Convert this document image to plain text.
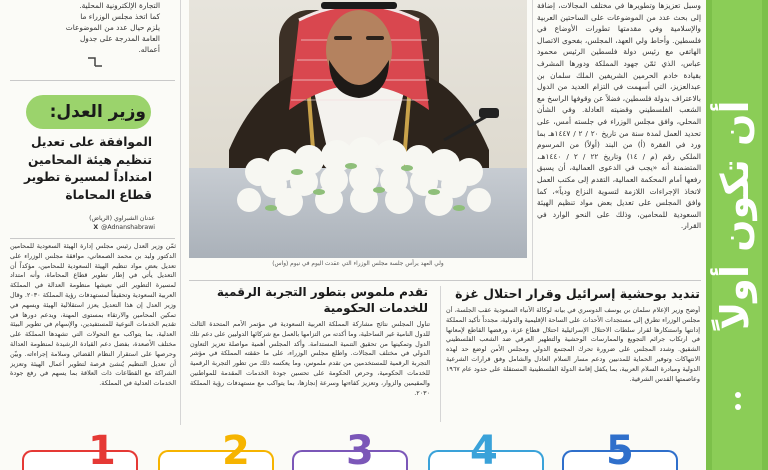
أن تكون أولاً

التجارة الإلكترونية المحلية.

كما اتخذ مجلس الوزراء ما

يلزم حيال عدد من الموضوعات

العامة المدرجة على جدول

أعماله.

وزير العدل:
الموافقة على تعديل تنظيم هيئة المحامين امتداداً لمسيرة تطوير قطاع المحاماة
عدنان الشبراوي (الرياض)
X @Adnanshabrawi
ثمّن وزير العدل رئيس مجلس إدارة الهيئة السعودية للمحامين الدكتور وليد بن محمد الصمعاني، موافقة مجلس الوزراء على تعديل بعض مواد تنظيم الهيئة السعودية للمحامين، مؤكداً أن التعديل يأتي في إطار تطوير قطاع المحاماة، وأنه امتداد لمسيرة التطوير التي تعيشها منظومة العدالة في المملكة العربية السعودية وتحقيقاً لمستهدفات رؤية المملكة ٢٠٣٠. وقال وزير العدل إن هذا التعديل يعزز استقلالية الهيئة ويسهم في تمكين المحامين والارتقاء بمستوى المهنة، ويدعم دورها في تقديم الخدمات النوعية للمستفيدين، والإسهام في تطوير البيئة العدلية، بما يتواكب مع التحولات التي تشهدها المملكة على مختلف الأصعدة، بفضل دعم القيادة الرشيدة لمنظومة العدالة وحرصها على استقرار النظام القضائي وسلامة إجراءاته. وبيّن أن تعديل التنظيم يُنشئ فرصة لتطوير أعمال الهيئة وتعزيز الشراكة مع القطاعات ذات العلاقة بما يسهم في رفع جودة الخدمات العدلية في المملكة.
ولي العهد يرأس جلسة مجلس الوزراء التي عقدت اليوم في نيوم (واس)
وسبل تعزيزها وتطويرها في مختلف المجالات، إضافة إلى بحث عدد من الموضوعات على الساحتين العربية والإسلامية وفي مقدمتها تطورات الأوضاع في فلسطين. وأحاط ولي العهد، المجلس، بفحوى الاتصال الهاتفي مع رئيس دولة فلسطين الرئيس محمود عباس، الذي ثمّن جهود المملكة ودورها المشرف بقيادة خادم الحرمين الشريفين الملك سلمان بن عبدالعزيز، التي أسهمت في التزام العديد من الدول بالاعتراف بدولة فلسطين، فضلاً عن وقوفها الراسخ مع الشعب الفلسطيني وقضيته العادلة. وفي الشأن المحلي، وافق مجلس الوزراء في جلسته أمس، على تحديد العمل لمدة سنة من تاريخ ٢٠ / ٢ / ١٤٤٧هـ بما ورد في الفقرة (أ) من البند (أولاً) من المرسوم الملكي رقم (م / ١٤) وتاريخ ٢٢ / ٢ / ١٤٤٠هـ، المتضمنة أنه «يجب في الدعوى العمالية، أن يسبق رفعها أمام المحكمة العمالية، التقدم إلى مكتب العمل لاتخاذ الإجراءات اللازمة لتسوية النزاع ودياً»، كما وافق المجلس على تعديل بعض مواد تنظيم الهيئة السعودية للمحامين، وذلك على النحو الوارد في القرار.
تنديد بوحشية إسرائيل وقرار احتلال غزة
أوضح وزير الإعلام سلمان بن يوسف الدوسري في بيانه لوكالة الأنباء السعودية عقب الجلسة، أن مجلس الوزراء تطرق إلى مستجدات الأحداث على الساحة الإقليمية والدولية، مجدداً تأكيد المملكة إدانتها واستنكارها لقرار سلطات الاحتلال الإسرائيلية احتلال قطاع غزة، ورفضها القاطع لإمعانها في ارتكاب جرائم التجويع والممارسات الوحشية والتطهير العرقي ضد الشعب الفلسطيني الشقيق. وشدد المجلس على ضرورة تحرك المجتمع الدولي ومجلس الأمن لوضع حد لهذه الانتهاكات وتوفير الحماية للمدنيين ودعم مسار السلام العادل والشامل وفق قرارات الشرعية الدولية ومبادرة السلام العربية، بما يكفل إقامة الدولة الفلسطينية المستقلة على حدود عام ١٩٦٧ وعاصمتها القدس الشرقية.
تقدم ملموس بتطور التجربة الرقمية للخدمات الحكومية
تناول المجلس نتائج مشاركة المملكة العربية السعودية في مؤتمر الأمم المتحدة الثالث للدول النامية غير الساحلية، وما أكدته من التزامها بالعمل مع شركائها الدوليين على دعم تلك الدول وتمكينها من تحقيق التنمية المستدامة. وأكد المجلس أهمية مواصلة تعزيز التعاون الدولي في مختلف المجالات. واطلع مجلس الوزراء، على ما حققته المملكة في مؤشر التجربة الرقمية للمستخدمين من تقدم ملموس، وما يعكسه ذلك من تطور التجربة الرقمية للخدمات الحكومية، وحرص الحكومة على تحسين جودة الخدمات المقدمة للمواطنين والمقيمين والزوار، وتعزيز كفاءتها وسرعة إنجازها، بما يتواكب مع مستهدفات رؤية المملكة ٢٠٣٠.
1	2 3 4	5
